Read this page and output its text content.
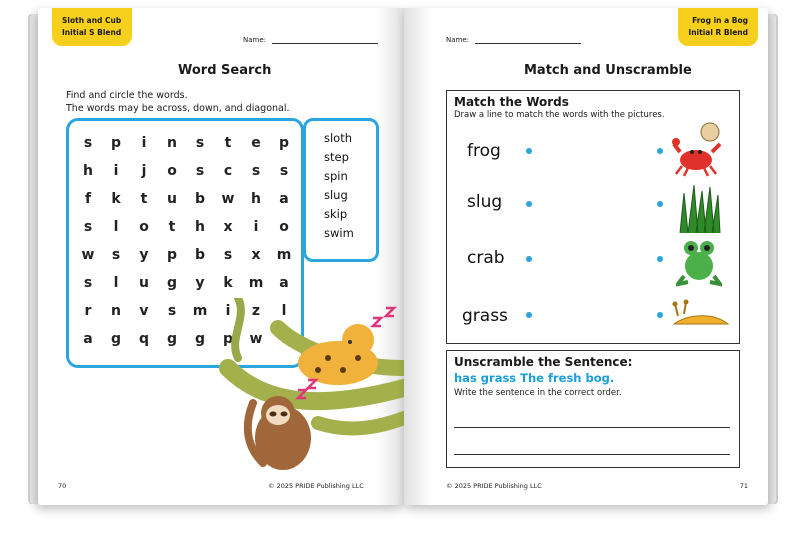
Sloth and Cub
Initial S Blend
Name:
Word Search
Find and circle the words.
The words may be across, down, and diagonal.
s	p	i	n	s	t	e	p
h	i	j	o	s	c	s	s
f	k	t	u	b	w	h	a
s	l	o	t	h	x	i	o
w	s	y	p	b	s	x	m
s	l	u	g	y	k	m	a
r	n	v	s	m	i	z	l
a	g	q	g	g	p	w	t
sloth
step
spin
slug
skip
swim
70	© 2025 PRIDE Publishing LLC
Frog in a Bog
Initial R Blend
Name:
Match and Unscramble
Match the Words
Draw a line to match the words with the pictures.
frog
slug
crab
grass
Unscramble the Sentence:
has grass The fresh bog.
Write the sentence in the correct order.
© 2025 PRIDE Publishing LLC	71
